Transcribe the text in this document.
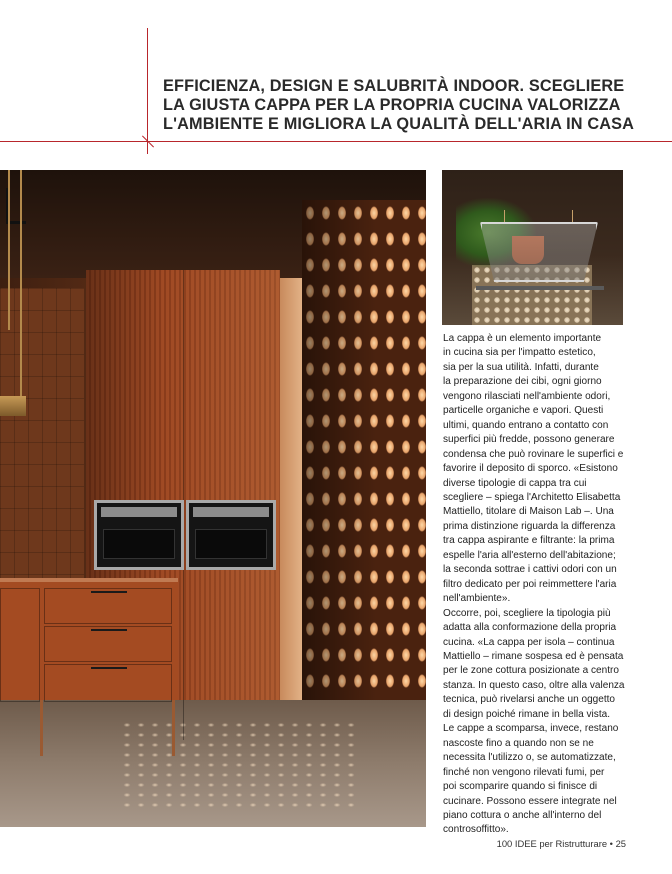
EFFICIENZA, DESIGN E SALUBRITÀ INDOOR. SCEGLIERE
LA GIUSTA CAPPA PER LA PROPRIA CUCINA VALORIZZA
L'AMBIENTE E MIGLIORA LA QUALITÀ DELL'ARIA IN CASA
La cappa è un elemento importante
in cucina sia per l'impatto estetico,
sia per la sua utilità. Infatti, durante
la preparazione dei cibi, ogni giorno
vengono rilasciati nell'ambiente odori,
particelle organiche e vapori. Questi
ultimi, quando entrano a contatto con
superfici più fredde, possono generare
condensa che può rovinare le superfici e
favorire il deposito di sporco. «Esistono
diverse tipologie di cappa tra cui
scegliere – spiega l'Architetto Elisabetta
Mattiello, titolare di Maison Lab –. Una
prima distinzione riguarda la differenza
tra cappa aspirante e filtrante: la prima
espelle l'aria all'esterno dell'abitazione;
la seconda sottrae i cattivi odori con un
filtro dedicato per poi reimmettere l'aria
nell'ambiente».
Occorre, poi, scegliere la tipologia più
adatta alla conformazione della propria
cucina. «La cappa per isola – continua
Mattiello – rimane sospesa ed è pensata
per le zone cottura posizionate a centro
stanza. In questo caso, oltre alla valenza
tecnica, può rivelarsi anche un oggetto
di design poiché rimane in bella vista.
Le cappe a scomparsa, invece, restano
nascoste fino a quando non se ne
necessita l'utilizzo o, se automatizzate,
finché non vengono rilevati fumi, per
poi scomparire quando si finisce di
cucinare. Possono essere integrate nel
piano cottura o anche all'interno del
controsoffitto».
100 IDEE per Ristrutturare • 25
